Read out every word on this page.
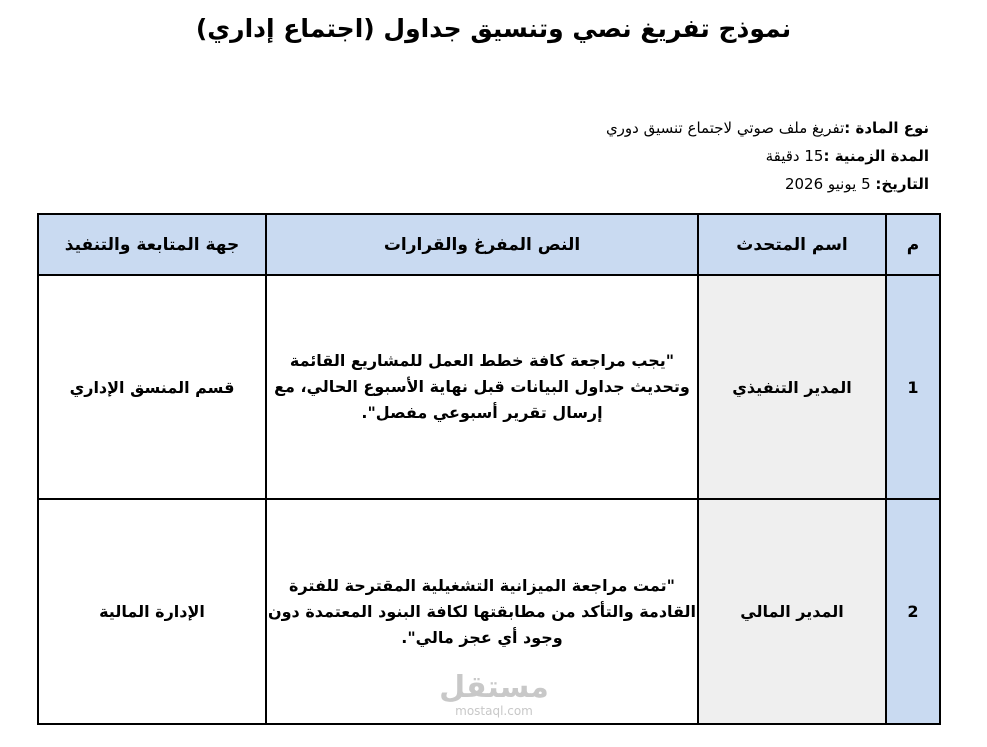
نموذج تفريغ نصي وتنسيق جداول (اجتماع إداري)
نوع المادة :تفريغ ملف صوتي لاجتماع تنسيق دوري
المدة الزمنية :15 دقيقة
التاريخ: 5 يونيو 2026
م	اسم المتحدث	النص المفرغ والقرارات	جهة المتابعة والتنفيذ
1	المدير التنفيذي	"يجب مراجعة كافة خطط العمل للمشاريع القائمة وتحديث جداول البيانات قبل نهاية الأسبوع الحالي، مع إرسال تقرير أسبوعي مفصل".	قسم المنسق الإداري
2	المدير المالي	"تمت مراجعة الميزانية التشغيلية المقترحة للفترة القادمة والتأكد من مطابقتها لكافة البنود المعتمدة دون وجود أي عجز مالي".	الإدارة المالية
مستقل
mostaql.com
